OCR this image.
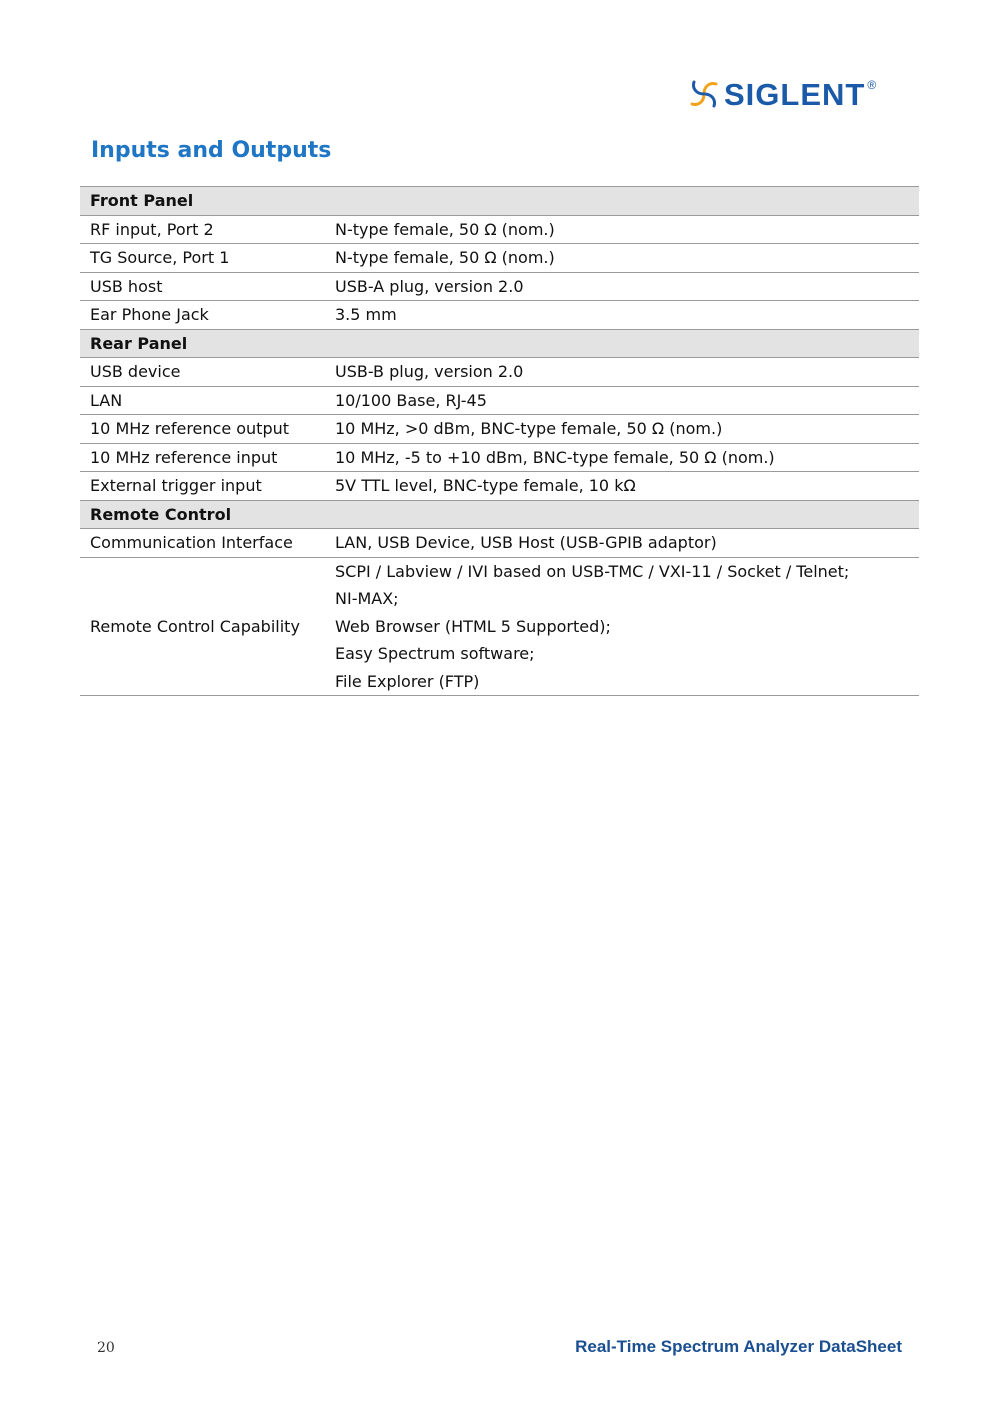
SIGLENT ®
Inputs and Outputs
Front Panel	
RF input, Port 2	N-type female, 50 Ω (nom.)
TG Source, Port 1	N-type female, 50 Ω (nom.)
USB host	USB-A plug, version 2.0
Ear Phone Jack	3.5 mm
Rear Panel	
USB device	USB-B plug, version 2.0
LAN	10/100 Base, RJ-45
10 MHz reference output	10 MHz, >0 dBm, BNC-type female, 50 Ω (nom.)
10 MHz reference input	10 MHz, -5 to +10 dBm, BNC-type female, 50 Ω (nom.)
External trigger input	5V TTL level, BNC-type female, 10 kΩ
Remote Control	
Communication Interface	LAN, USB Device, USB Host (USB-GPIB adaptor)
Remote Control Capability	SCPI / Labview / IVI based on USB-TMC / VXI-11 / Socket / Telnet;
NI-MAX;
Web Browser (HTML 5 Supported);
Easy Spectrum software;
File Explorer (FTP)
20	Real-Time Spectrum Analyzer DataSheet
